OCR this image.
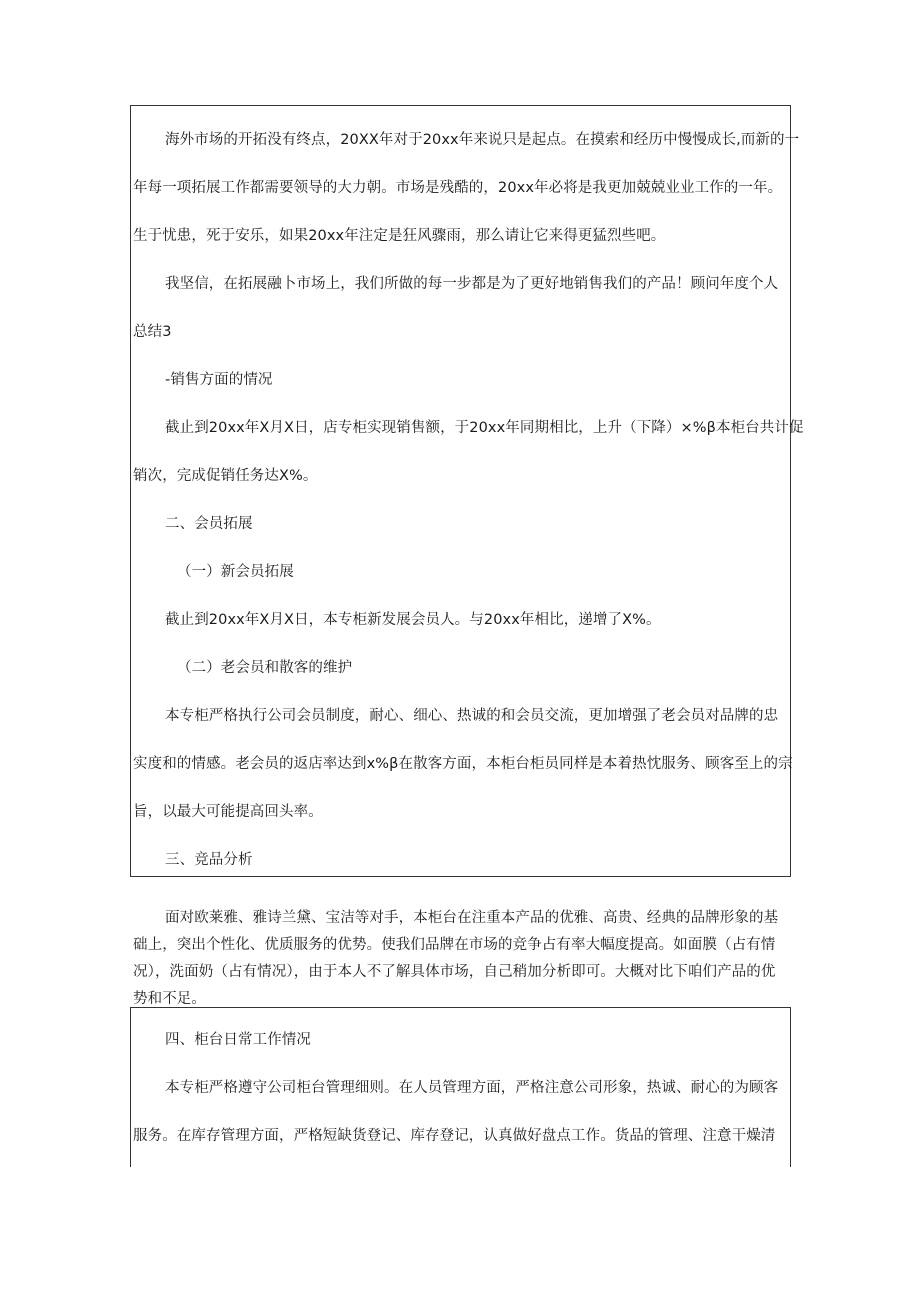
海外市场的开拓没有终点，20XX年对于20xx年来说只是起点。在摸索和经历中慢慢成长,而新的一
年每一项拓展工作都需要领导的大力朝。市场是残酷的，20xx年必将是我更加兢兢业业工作的一年。
生于忧患，死于安乐，如果20xx年注定是狂风骤雨，那么请让它来得更猛烈些吧。
我坚信，在拓展融卜市场上，我们所做的每一步都是为了更好地销售我们的产品！顾问年度个人
总结3
-销售方面的情况
截止到20xx年X月X日，店专柜实现销售额，于20xx年同期相比，上升（下降）×%β本柜台共计促
销次，完成促销任务达X%。
二、会员拓展
（一）新会员拓展
截止到20xx年X月X日，本专柜新发展会员人。与20xx年相比，递增了X%。
（二）老会员和散客的维护
本专柜严格执行公司会员制度，耐心、细心、热诚的和会员交流，更加增强了老会员对品牌的忠
实度和的情感。老会员的返店率达到x%β在散客方面，本柜台柜员同样是本着热忱服务、顾客至上的宗
旨，以最大可能提高回头率。
三、竞品分析
面对欧莱雅、雅诗兰黛、宝洁等对手，本柜台在注重本产品的优雅、高贵、经典的品牌形象的基
础上，突出个性化、优质服务的优势。使我们品牌在市场的竞争占有率大幅度提高。如面膜（占有情
况），洗面奶（占有情况），由于本人不了解具体市场，自己稍加分析即可。大概对比下咱们产品的优
势和不足。
四、柜台日常工作情况
本专柜严格遵守公司柜台管理细则。在人员管理方面，严格注意公司形象，热诚、耐心的为顾客
服务。在库存管理方面，严格短缺货登记、库存登记，认真做好盘点工作。货品的管理、注意干燥清
